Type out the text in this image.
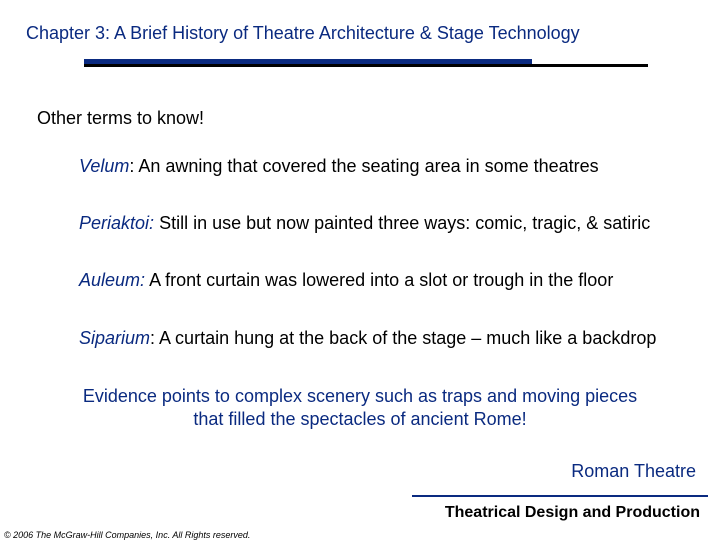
Chapter 3: A Brief History of Theatre Architecture & Stage Technology
Other terms to know!
Velum: An awning that covered the seating area in some theatres
Periaktoi: Still in use but now painted three ways: comic, tragic, & satiric
Auleum: A front curtain was lowered into a slot or trough in the floor
Siparium: A curtain hung at the back of the stage – much like a backdrop
Evidence points to complex scenery such as traps and moving pieces that filled the spectacles of ancient Rome!
Roman Theatre
Theatrical Design and Production
© 2006 The McGraw-Hill Companies, Inc. All Rights reserved.
